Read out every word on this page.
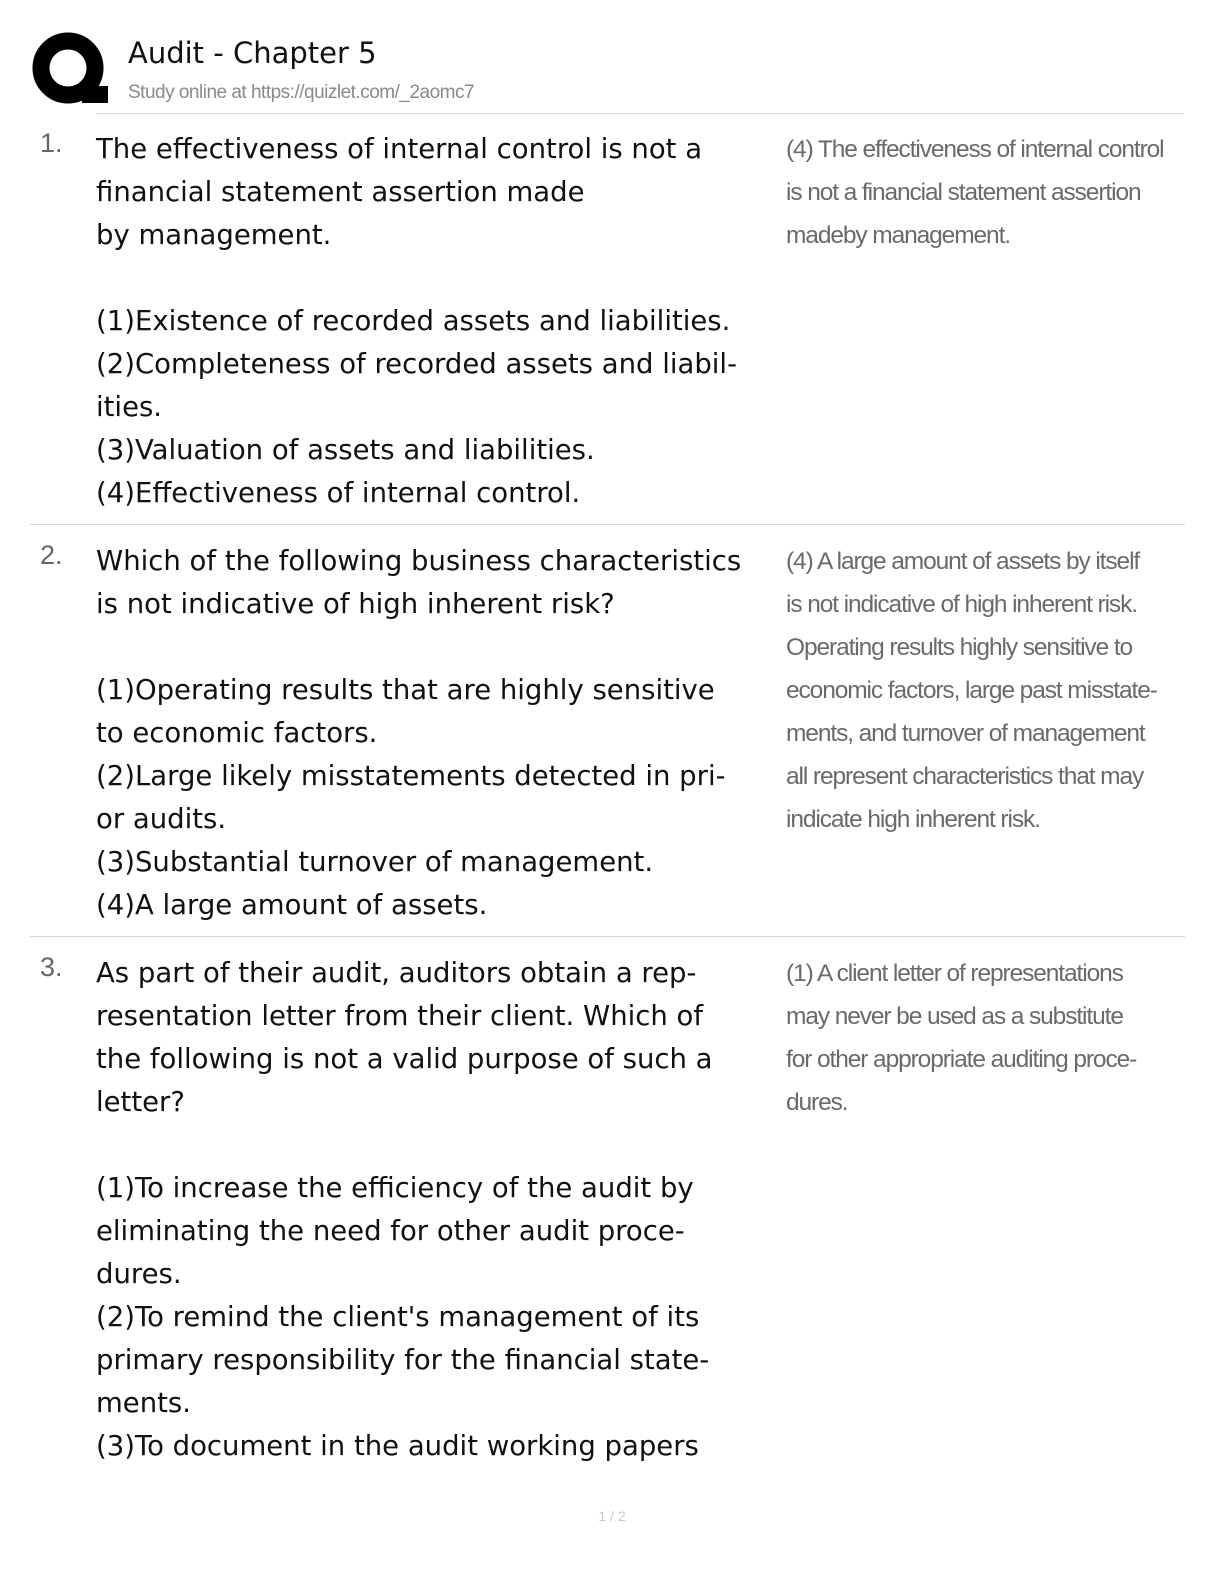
Audit - Chapter 5
Study online at https://quizlet.com/_2aomc7
1. The effectiveness of internal control is not a
financial statement assertion made
by management.

(1)Existence of recorded assets and liabilities.
(2)Completeness of recorded assets and liabil-
ities.
(3)Valuation of assets and liabilities.
(4)Effectiveness of internal control.
(4) The effectiveness of internal control
is not a financial statement assertion
madeby management.
2. Which of the following business characteristics
is not indicative of high inherent risk?

(1)Operating results that are highly sensitive
to economic factors.
(2)Large likely misstatements detected in pri-
or audits.
(3)Substantial turnover of management.
(4)A large amount of assets.
(4) A large amount of assets by itself
is not indicative of high inherent risk.
Operating results highly sensitive to
economic factors, large past misstate-
ments, and turnover of management
all represent characteristics that may
indicate high inherent risk.
3. As part of their audit, auditors obtain a rep-
resentation letter from their client. Which of
the following is not a valid purpose of such a
letter?

(1)To increase the efficiency of the audit by
eliminating the need for other audit proce-
dures.
(2)To remind the client's management of its
primary responsibility for the financial state-
ments.
(3)To document in the audit working papers
(1) A client letter of representations
may never be used as a substitute
for other appropriate auditing proce-
dures.
1 / 2
